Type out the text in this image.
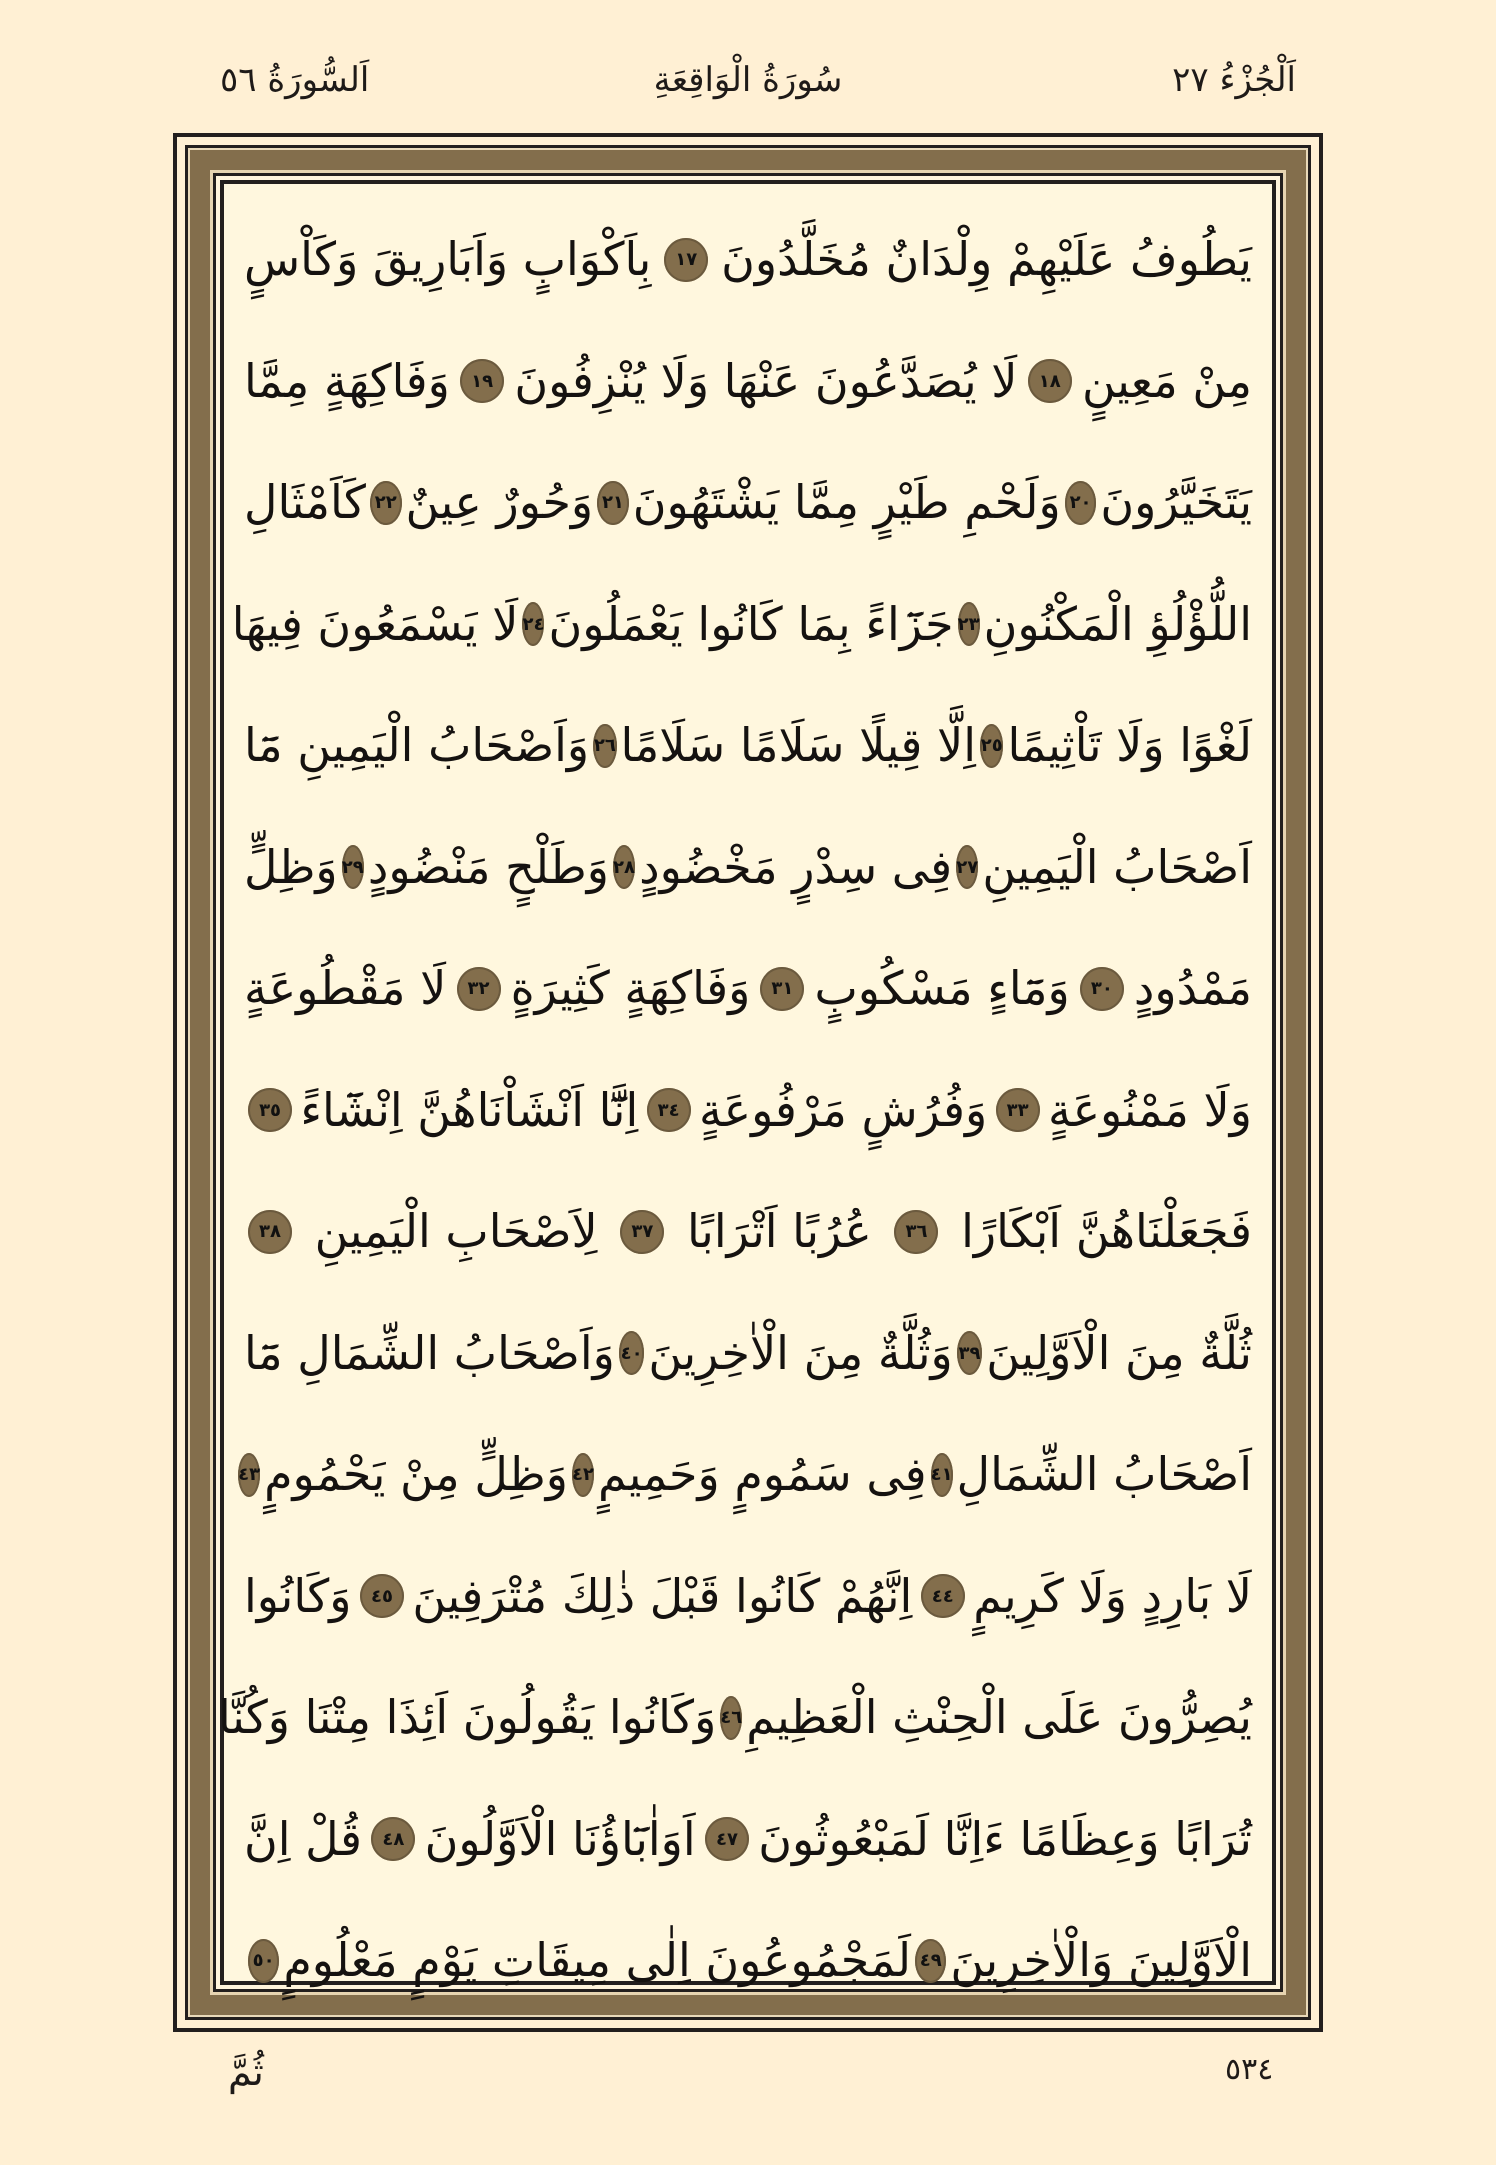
اَلْجُزْءُ ٢٧
سُورَةُ الْوَاقِعَةِ
اَلسُّورَةُ ٥٦
يَطُوفُ عَلَيْهِمْ وِلْدَانٌ مُخَلَّدُونَ
١٧
بِاَكْوَابٍ وَاَبَارِيقَ وَكَاْسٍ
مِنْ مَعِينٍ
١٨
لَا يُصَدَّعُونَ عَنْهَا وَلَا يُنْزِفُونَ
١٩
وَفَاكِهَةٍ مِمَّا
يَتَخَيَّرُونَ
٢٠
وَلَحْمِ طَيْرٍ مِمَّا يَشْتَهُونَ
٢١
وَحُورٌ عِينٌ
٢٢
كَاَمْثَالِ
اللُّؤْلُؤِ الْمَكْنُونِ
٢٣
جَزَٓاءً بِمَا كَانُوا يَعْمَلُونَ
٢٤
لَا يَسْمَعُونَ فِيهَا
لَغْوًا وَلَا تَاْثِيمًا
٢٥
اِلَّا قِيلًا سَلَامًا سَلَامًا
٢٦
وَاَصْحَابُ الْيَمِينِ مَٓا
اَصْحَابُ الْيَمِينِ
٢٧
فِى سِدْرٍ مَخْضُودٍ
٢٨
وَطَلْحٍ مَنْضُودٍ
٢٩
وَظِلٍّ
مَمْدُودٍ
٣٠
وَمَٓاءٍ مَسْكُوبٍ
٣١
وَفَاكِهَةٍ كَثِيرَةٍ
٣٢
لَا مَقْطُوعَةٍ
وَلَا مَمْنُوعَةٍ
٣٣
وَفُرُشٍ مَرْفُوعَةٍ
٣٤
اِنَّٓا اَنْشَاْنَاهُنَّ اِنْشَٓاءً
٣٥
فَجَعَلْنَاهُنَّ اَبْكَارًا
٣٦
عُرُبًا اَتْرَابًا
٣٧
لِاَصْحَابِ الْيَمِينِ
٣٨
ثُلَّةٌ مِنَ الْاَوَّلِينَ
٣٩
وَثُلَّةٌ مِنَ الْاٰخِرِينَ
٤٠
وَاَصْحَابُ الشِّمَالِ مَٓا
اَصْحَابُ الشِّمَالِ
٤١
فِى سَمُومٍ وَحَمِيمٍ
٤٢
وَظِلٍّ مِنْ يَحْمُومٍ
٤٣
لَا بَارِدٍ وَلَا كَرِيمٍ
٤٤
اِنَّهُمْ كَانُوا قَبْلَ ذٰلِكَ مُتْرَفِينَ
٤٥
وَكَانُوا
يُصِرُّونَ عَلَى الْحِنْثِ الْعَظِيمِ
٤٦
وَكَانُوا يَقُولُونَ اَئِذَا مِتْنَا وَكُنَّا
تُرَابًا وَعِظَامًا ءَاِنَّا لَمَبْعُوثُونَ
٤٧
اَوَاٰبَٓاؤُنَا الْاَوَّلُونَ
٤٨
قُلْ اِنَّ
الْاَوَّلِينَ وَالْاٰخِرِينَ
٤٩
لَمَجْمُوعُونَ اِلٰى مِيقَاتِ يَوْمٍ مَعْلُومٍ
٥٠
٥٣٤
ثُمَّ
